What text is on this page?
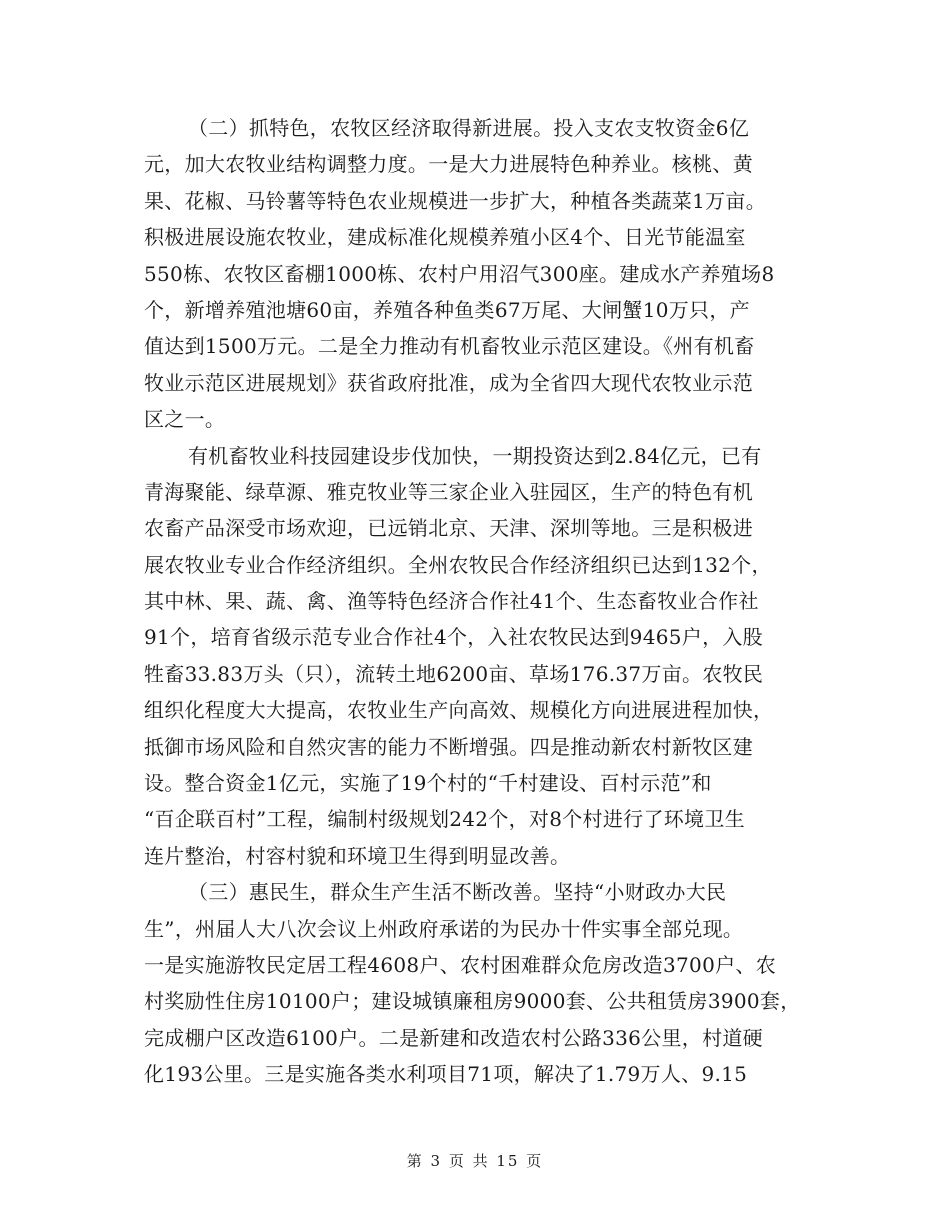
（二）抓特色，农牧区经济取得新进展。投入支农支牧资金6亿
元，加大农牧业结构调整力度。一是大力进展特色种养业。核桃、黄
果、花椒、马铃薯等特色农业规模进一步扩大，种植各类蔬菜1万亩。
积极进展设施农牧业，建成标准化规模养殖小区4个、日光节能温室
550栋、农牧区畜棚1000栋、农村户用沼气300座。建成水产养殖场8
个，新增养殖池塘60亩，养殖各种鱼类67万尾、大闸蟹10万只，产
值达到1500万元。二是全力推动有机畜牧业示范区建设。《州有机畜
牧业示范区进展规划》获省政府批准，成为全省四大现代农牧业示范
区之一。
有机畜牧业科技园建设步伐加快，一期投资达到2.84亿元，已有
青海聚能、绿草源、雅克牧业等三家企业入驻园区，生产的特色有机
农畜产品深受市场欢迎，已远销北京、天津、深圳等地。三是积极进
展农牧业专业合作经济组织。全州农牧民合作经济组织已达到132个，
其中林、果、蔬、禽、渔等特色经济合作社41个、生态畜牧业合作社
91个，培育省级示范专业合作社4个，入社农牧民达到9465户，入股
牲畜33.83万头（只），流转土地6200亩、草场176.37万亩。农牧民
组织化程度大大提高，农牧业生产向高效、规模化方向进展进程加快，
抵御市场风险和自然灾害的能力不断增强。四是推动新农村新牧区建
设。整合资金1亿元，实施了19个村的“千村建设、百村示范”和
“百企联百村”工程，编制村级规划242个，对8个村进行了环境卫生
连片整治，村容村貌和环境卫生得到明显改善。
（三）惠民生，群众生产生活不断改善。坚持“小财政办大民
生”，州届人大八次会议上州政府承诺的为民办十件实事全部兑现。
一是实施游牧民定居工程4608户、农村困难群众危房改造3700户、农
村奖励性住房10100户；建设城镇廉租房9000套、公共租赁房3900套，
完成棚户区改造6100户。二是新建和改造农村公路336公里，村道硬
化193公里。三是实施各类水利项目71项，解决了1.79万人、9.15
第 3 页 共 15 页
